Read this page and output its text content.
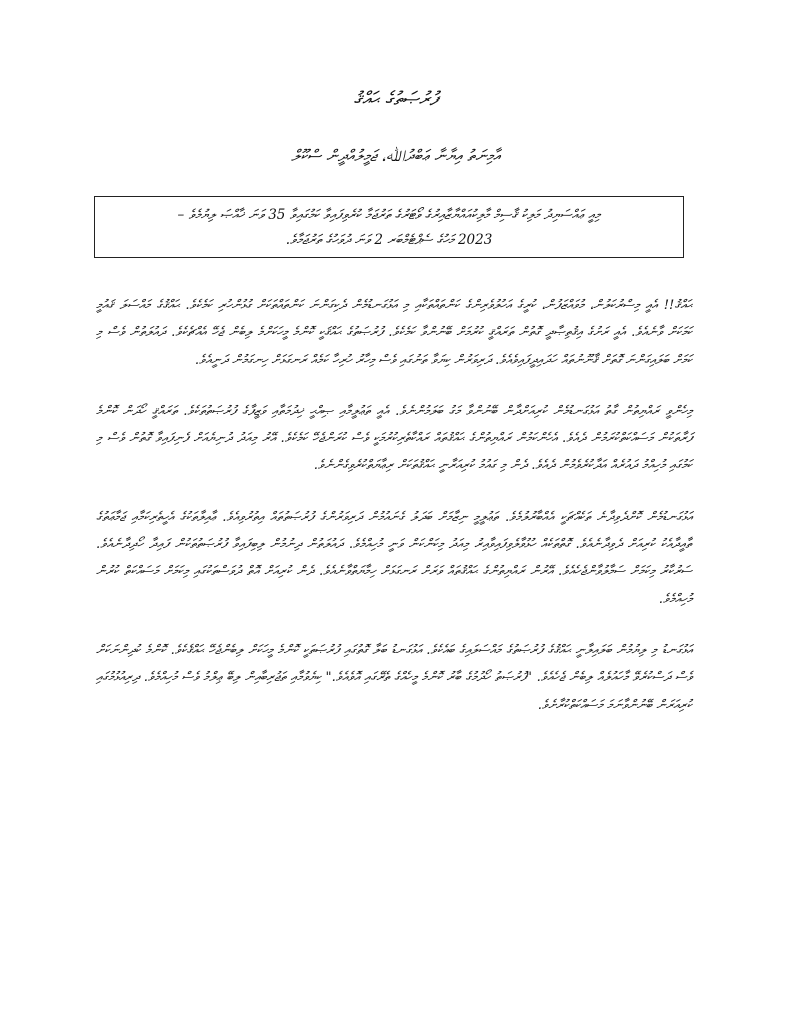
ފުރުޞަތުގެ ޙައްޤު
އާމިނަތު އިޔާނާ ޢަބްދުﷲ، ޖަމީލުއްދީން ސްކޫލް
މިއީ ޢައްސަޔިދު މަލިކު ޤާސިމް މާލިކުއައްޔާޒާއިރުގެ ވޯޓަރުގެ ތަރުޖަމާ ކުރެވިފައިވާ ކަމުގައިވާ 35 ވަނަ ޚާއްޞަ ލިޔުމެވެ –
2023 މަހުގެ ސެޕްޓެމްބަރ 2 ވަނަ ދުވަހުގެ ތަރުޖަމާވެ.

ޙައްޤު!! އެއީ މިސްރުކަލުން، މުވައްޒަފުން، ކުރީގެ އަހުލުވެރިންގެ ކަންތައްތަކާއި މި އަޅުގަނޑުމެން ދެކިގަންނަ ކަންތައްތަކަށް ގުޅުންހުރި ކަމެކެވެ. ޙައްޤުގެ މައްސަލަ ޤައުމީ ކަމަކަށް ވާނެއެވެ. އެއީ ރަށުގެ އިޤުތިޞާދީ ގޮތުން ތަރައްޤީ ކުރުމަށް ބޭނުންވާ ކަމެކެވެ. ފުރުޞަތުގެ ޙައްޤަކީ ކޮންމެ މީހަކަށްމެ ލިބެން ޖެހޭ އެއްޗެކެވެ. ދައުލަތުން ވެސް މި ކަމަށް ބަލައިގަންނަ ގޮތަށް ޤާނޫނުތައް ހަދައިދީފައިވެއެވެ. ދަރިވަރުން ކިޔަވާ ތަނުގައި ވެސް މިހާރު ހުރިހާ ކަމެއް ރަނގަޅަށް ހިނގަމުން ދަނީއެވެ.

މިހެންވީ ރައްޔިތުން ގާތު އަޅުގަނޑުމެން ކުރިއަށްދާން ބޭނުންވާ މަގު ބަލަމުންނެވެ. އެއީ ތަޢުލީމާއި ޞިއްޙީ ޚިދުމަތާއި ވަޒީފާގެ ފުރުޞަތުތަކެވެ. ތަރައްޤީ ހޯދަން ކޮންމެ ފަރާތަކުން މަސައްކަތްކުރަމުން ދެއެވެ. އެހެންކަމުން ރައްޔިތުންގެ ޙައްޤުތައް ރައްކާތެރިކުރުމަކީ ވެސް ކުރަންޖެހޭ ކަމެކެވެ. އޭރު މިއަދު ދުނިޔެއަށް ފެނިފައިވާ ގޮތުން ވެސް މި ކަމުގައި މުހިއްމު ދައުރެއް އަދާކުރެވެމުން ދެއެވެ. ދެން މި ގައުމު ކުރިއަރާނީ ޙައްޤުތަކަށް ރިޢާޔަތްކުރެވިގެންނެވެ.

އަޅުގަނޑުމެން ކޮށްދެވިދާނެ ތަކެއްޗަކީ އެއްބާރުލުމެވެ. ތަޢުލީމީ ނިޒާމަށް ބަދަލު ގެނައުމުން ދަރިވަރުންގެ ފުރުޞަތުތައް އިތުރުވިއެވެ. ޢާއިލާތަކުގެ އެހީތެރިކަމާއި ޖަމާޢަތުގެ ތާއީދާއެކު ކުރިއަށް ދެވިދާނެއެވެ. ގޮތްތަކެއް ހުޅުވާލެވިފައިވާއިރު މިއަދު މިކަންކަން ވަނީ މުހިއްމެވެ. ދައުލަތުން ދިނުމުން ލިބިފައިވާ ފުރުޞަތުތަކުން ފައިދާ ހޯދިދާނެއެވެ. ސަރުކާރު މިކަމަށް ސަމާލުވާންޖެހެއެވެ. އޭރުން ރައްޔިތުންގެ ޙައްޤުތައް ވަރަށް ރަނގަޅަށް ހިމާޔަތްވާނެއެވެ. ދެން ކުރިއަށް އޮތް ދުވަސްތަކުގައި މިކަމަށް މަސައްކަތް ކުރުން މުހިއްމެވެ.

އަޅުގަނޑު މި ލިޔުމުން ބަލައިލާނީ ޙައްޤުގެ ފުރުޞަތުގެ މައްސަލައިގެ ބައެކެވެ. އަޅުގަނޑު ބަލާ ގޮތުގައި ފުރުޞަތަކީ ކޮންމެ މީހަކަށް ލިބެންޖެހޭ ޙައްޤެކެވެ. ކޮންމެ ކުދިންނަކަށް ވެސް ދަސްކުރެވޭ މާހައުލެއް ލިބެން ޖެހެއެވެ. "ފުރުޞަތު ހޯދުމުގެ ބާރު ކޮންމެ މީހެއްގެ ތެރޭގައި އޮވެއެވެ." ކިޔެވުމާއި ތަޖުރިބާއިން ލިބޭ ޢިލްމު ވެސް މުހިއްމެވެ. ދިރިއުޅުމުގައި ކުރިއަރަން ބޭނުންވާނަމަ މަސައްކަތްކުރާށެވެ.
